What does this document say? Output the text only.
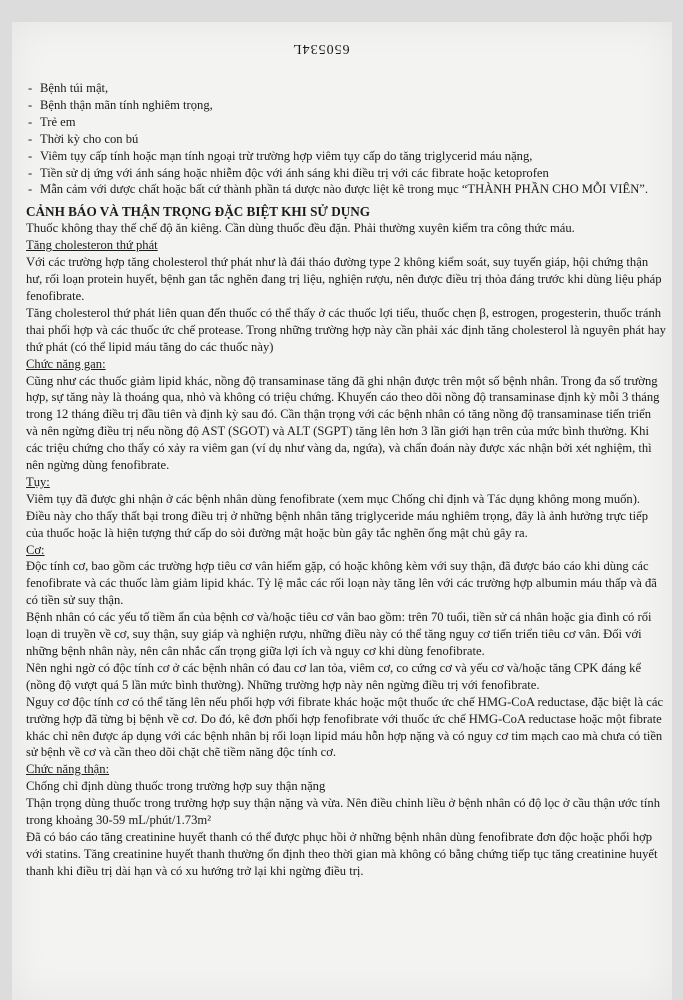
650534L
- Bệnh túi mật,
- Bệnh thận mãn tính nghiêm trọng,
- Trẻ em
- Thời kỳ cho con bú
- Viêm tụy cấp tính hoặc mạn tính ngoại trừ trường hợp viêm tụy cấp do tăng triglycerid máu nặng,
- Tiền sử dị ứng với ánh sáng hoặc nhiễm độc với ánh sáng khi điều trị với các fibrate hoặc ketoprofen
- Mẫn cảm với dược chất hoặc bất cứ thành phần tá dược nào được liệt kê trong mục “THÀNH PHẦN CHO MỖI VIÊN”.
CẢNH BÁO VÀ THẬN TRỌNG ĐẶC BIỆT KHI SỬ DỤNG

Thuốc không thay thế chế độ ăn kiêng. Cần dùng thuốc đều đặn. Phải thường xuyên kiểm tra công thức máu.

Tăng cholesteron thứ phát

Với các trường hợp tăng cholesterol thứ phát như là đái tháo đường type 2 không kiểm soát, suy tuyến giáp, hội chứng thận hư, rối loạn protein huyết, bệnh gan tắc nghẽn đang trị liệu, nghiện rượu, nên được điều trị thỏa đáng trước khi dùng liệu pháp fenofibrate.

Tăng cholesterol thứ phát liên quan đến thuốc có thể thấy ở các thuốc lợi tiểu, thuốc chẹn β, estrogen, progesterin, thuốc tránh thai phối hợp và các thuốc ức chế protease. Trong những trường hợp này cần phải xác định tăng cholesterol là nguyên phát hay thứ phát (có thể lipid máu tăng do các thuốc này)

Chức năng gan:

Cũng như các thuốc giảm lipid khác, nồng độ transaminase tăng đã ghi nhận được trên một số bệnh nhân. Trong đa số trường hợp, sự tăng này là thoáng qua, nhỏ và không có triệu chứng. Khuyến cáo theo dõi nồng độ transaminase định kỳ mỗi 3 tháng trong 12 tháng điều trị đầu tiên và định kỳ sau đó. Cần thận trọng với các bệnh nhân có tăng nồng độ transaminase tiến triển và nên ngừng điều trị nếu nồng độ AST (SGOT) và ALT (SGPT) tăng lên hơn 3 lần giới hạn trên của mức bình thường. Khi các triệu chứng cho thấy có xảy ra viêm gan (ví dụ như vàng da, ngứa), và chẩn đoán này được xác nhận bởi xét nghiệm, thì nên ngừng dùng fenofibrate.

Tụy:

Viêm tụy đã được ghi nhận ở các bệnh nhân dùng fenofibrate (xem mục Chống chỉ định và Tác dụng không mong muốn). Điều này cho thấy thất bại trong điều trị ở những bệnh nhân tăng triglyceride máu nghiêm trọng, đây là ảnh hưởng trực tiếp của thuốc hoặc là hiện tượng thứ cấp do sỏi đường mật hoặc bùn gây tắc nghẽn ống mật chủ gây ra.

Cơ:

Độc tính cơ, bao gồm các trường hợp tiêu cơ vân hiếm gặp, có hoặc không kèm với suy thận, đã được báo cáo khi dùng các fenofibrate và các thuốc làm giảm lipid khác. Tỷ lệ mắc các rối loạn này tăng lên với các trường hợp albumin máu thấp và đã có tiền sử suy thận.

Bệnh nhân có các yếu tố tiềm ẩn của bệnh cơ và/hoặc tiêu cơ vân bao gồm: trên 70 tuổi, tiền sử cá nhân hoặc gia đình có rối loạn di truyền về cơ, suy thận, suy giáp và nghiện rượu, những điều này có thể tăng nguy cơ tiến triển tiêu cơ vân. Đối với những bệnh nhân này, nên cân nhắc cẩn trọng giữa lợi ích và nguy cơ khi dùng fenofibrate.

Nên nghi ngờ có độc tính cơ ở các bệnh nhân có đau cơ lan tỏa, viêm cơ, co cứng cơ và yếu cơ và/hoặc tăng CPK đáng kể (nồng độ vượt quá 5 lần mức bình thường). Những trường hợp này nên ngừng điều trị với fenofibrate.

Nguy cơ độc tính cơ có thể tăng lên nếu phối hợp với fibrate khác hoặc một thuốc ức chế HMG-CoA reductase, đặc biệt là các trường hợp đã từng bị bệnh về cơ. Do đó, kê đơn phối hợp fenofibrate với thuốc ức chế HMG-CoA reductase hoặc một fibrate khác chỉ nên được áp dụng với các bệnh nhân bị rối loạn lipid máu hỗn hợp nặng và có nguy cơ tim mạch cao mà chưa có tiền sử bệnh về cơ và cần theo dõi chặt chẽ tiềm năng độc tính cơ.

Chức năng thận:

Chống chỉ định dùng thuốc trong trường hợp suy thận nặng

Thận trọng dùng thuốc trong trường hợp suy thận nặng và vừa. Nên điều chỉnh liều ở bệnh nhân có độ lọc ở cầu thận ước tính trong khoảng 30-59 mL/phút/1.73m²

Đã có báo cáo tăng creatinine huyết thanh có thể được phục hồi ở những bệnh nhân dùng fenofibrate đơn độc hoặc phối hợp với statins. Tăng creatinine huyết thanh thường ổn định theo thời gian mà không có bằng chứng tiếp tục tăng creatinine huyết thanh khi điều trị dài hạn và có xu hướng trở lại khi ngừng điều trị.
